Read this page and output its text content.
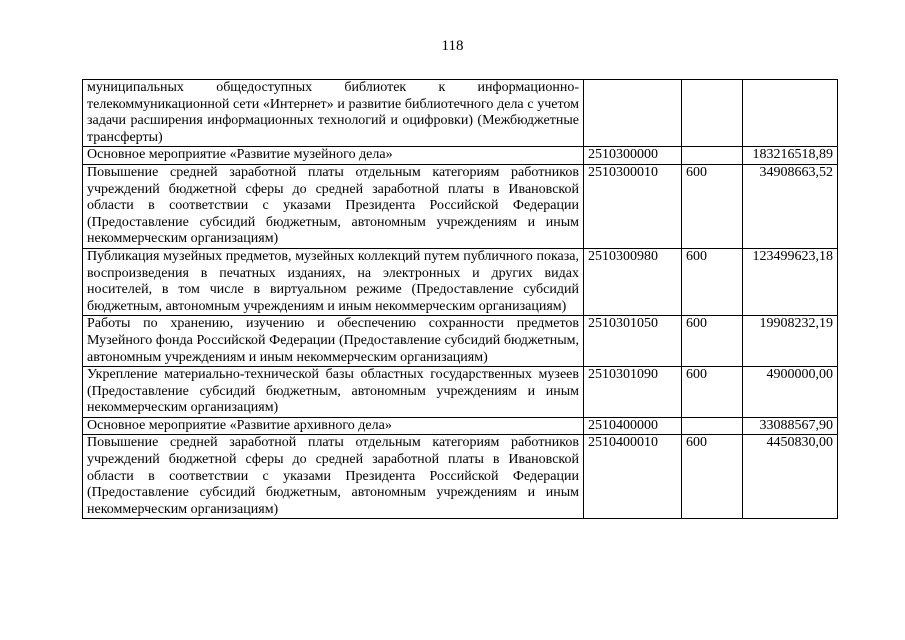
118
муниципальных общедоступных библиотек к информационно-телекоммуникационной сети «Интернет» и развитие библиотечного дела с учетом задачи расширения информационных технологий и оцифровки) (Межбюджетные трансферты)			
Основное мероприятие «Развитие музейного дела»	2510300000		183216518,89
Повышение средней заработной платы отдельным категориям работников учреждений бюджетной сферы до средней заработной платы в Ивановской области в соответствии с указами Президента Российской Федерации (Предоставление субсидий бюджетным, автономным учреждениям и иным некоммерческим организациям)	2510300010	600	34908663,52
Публикация музейных предметов, музейных коллекций путем публичного показа, воспроизведения в печатных изданиях, на электронных и других видах носителей, в том числе в виртуальном режиме (Предоставление субсидий бюджетным, автономным учреждениям и иным некоммерческим организациям)	2510300980	600	123499623,18
Работы по хранению, изучению и обеспечению сохранности предметов Музейного фонда Российской Федерации (Предоставление субсидий бюджетным, автономным учреждениям и иным некоммерческим организациям)	2510301050	600	19908232,19
Укрепление материально-технической базы областных государственных музеев (Предоставление субсидий бюджетным, автономным учреждениям и иным некоммерческим организациям)	2510301090	600	4900000,00
Основное мероприятие «Развитие архивного дела»	2510400000		33088567,90
Повышение средней заработной платы отдельным категориям работников учреждений бюджетной сферы до средней заработной платы в Ивановской области в соответствии с указами Президента Российской Федерации (Предоставление субсидий бюджетным, автономным учреждениям и иным некоммерческим организациям)	2510400010	600	4450830,00
